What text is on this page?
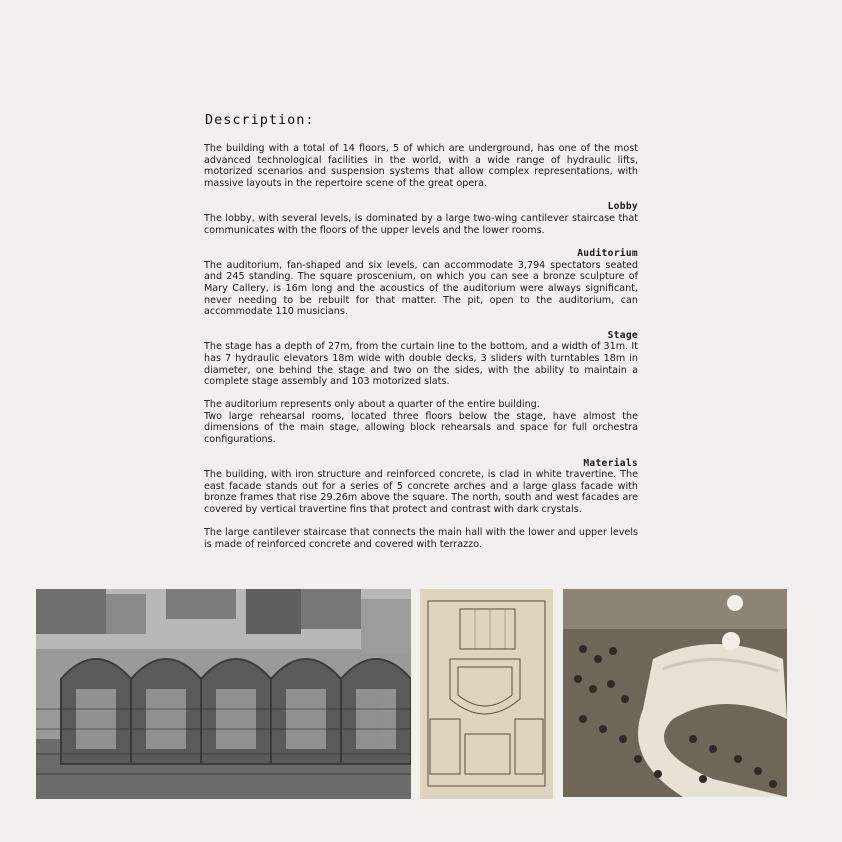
Description:

The building with a total of 14 floors, 5 of which are underground, has one of the most advanced technological facilities in the world, with a wide range of hydraulic lifts, motorized scenarios and suspension systems that allow complex representations, with massive layouts in the repertoire scene of the great opera.

Lobby

The lobby, with several levels, is dominated by a large two-wing cantilever staircase that communicates with the floors of the upper levels and the lower rooms.

Auditorium

The auditorium, fan-shaped and six levels, can accommodate 3,794 spectators seated and 245 standing. The square proscenium, on which you can see a bronze sculpture of Mary Callery, is 16m long and the acoustics of the auditorium were always significant, never needing to be rebuilt for that matter. The pit, open to the auditorium, can accommodate 110 musicians.

Stage

The stage has a depth of 27m, from the curtain line to the bottom, and a width of 31m. It has 7 hydraulic elevators 18m wide with double decks, 3 sliders with turntables 18m in diameter, one behind the stage and two on the sides, with the ability to maintain a complete stage assembly and 103 motorized slats.

The auditorium represents only about a quarter of the entire building.

Two large rehearsal rooms, located three floors below the stage, have almost the dimensions of the main stage, allowing block rehearsals and space for full orchestra configurations.

Materials

The building, with iron structure and reinforced concrete, is clad in white travertine. The east facade stands out for a series of 5 concrete arches and a large glass facade with bronze frames that rise 29.26m above the square. The north, south and west facades are covered by vertical travertine fins that protect and contrast with dark crystals.

The large cantilever staircase that connects the main hall with the lower and upper levels is made of reinforced concrete and covered with terrazzo.
